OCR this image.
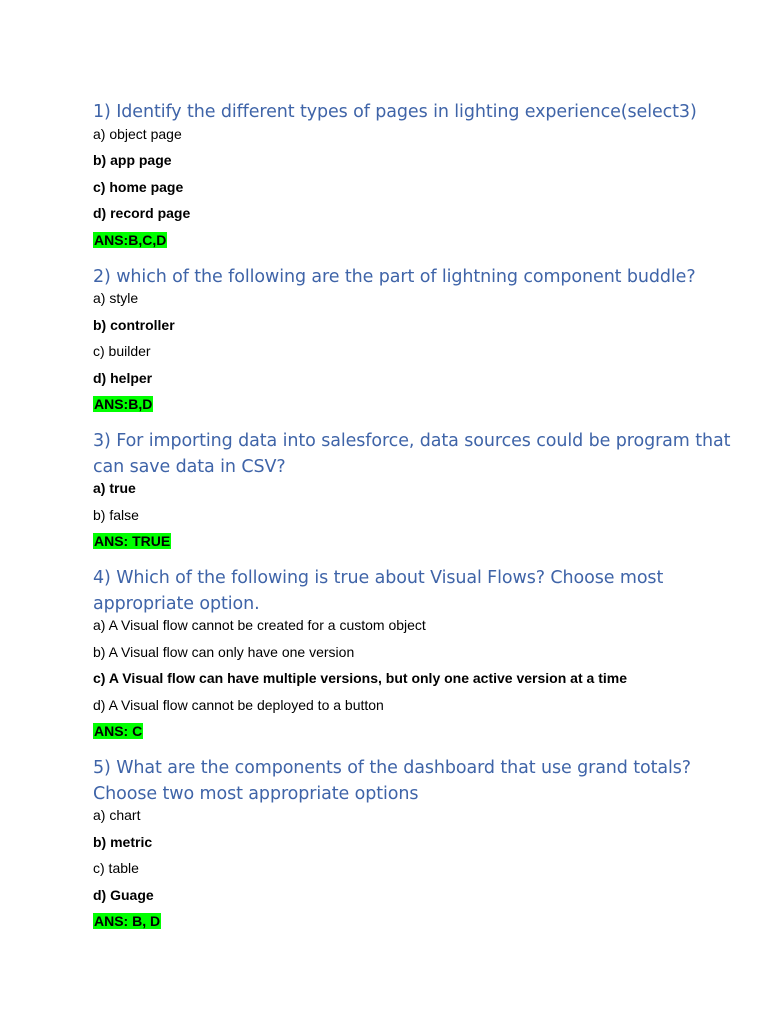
1) Identify the different types of pages in lighting experience(select3)
a) object page
b) app page
c) home page
d) record page
ANS:B,C,D
2) which of the following are the part of lightning component buddle?
a) style
b) controller
c) builder
d) helper
ANS:B,D
3) For importing data into salesforce, data sources could be program that can save data in CSV?
a) true
b) false
ANS: TRUE
4) Which of the following is true about Visual Flows? Choose most appropriate option.
a) A Visual flow cannot be created for a custom object
b) A Visual flow can only have one version
c) A Visual flow can have multiple versions, but only one active version at a time
d) A Visual flow cannot be deployed to a button
ANS: C
5) What are the components of the dashboard that use grand totals? Choose two most appropriate options
a) chart
b) metric
c) table
d) Guage
ANS: B, D
